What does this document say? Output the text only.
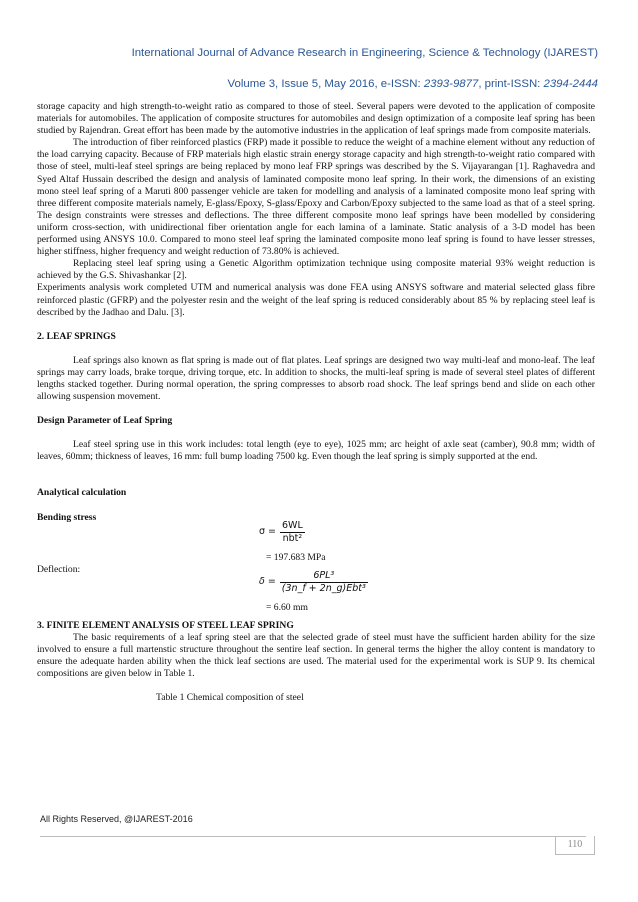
International Journal of Advance Research in Engineering, Science & Technology (IJAREST)
Volume 3, Issue 5, May 2016, e-ISSN: 2393-9877, print-ISSN: 2394-2444

storage capacity and high strength-to-weight ratio as compared to those of steel. Several papers were devoted to the application of composite materials for automobiles. The application of composite structures for automobiles and design optimization of a composite leaf spring has been studied by Rajendran. Great effort has been made by the automotive industries in the application of leaf springs made from composite materials.

The introduction of fiber reinforced plastics (FRP) made it possible to reduce the weight of a machine element without any reduction of the load carrying capacity. Because of FRP materials high elastic strain energy storage capacity and high strength-to-weight ratio compared with those of steel, multi-leaf steel springs are being replaced by mono leaf FRP springs was described by the S. Vijayarangan [1]. Raghavedra and Syed Altaf Hussain described the design and analysis of laminated composite mono leaf spring. In their work, the dimensions of an existing mono steel leaf spring of a Maruti 800 passenger vehicle are taken for modelling and analysis of a laminated composite mono leaf spring with three different composite materials namely, E-glass/Epoxy, S-glass/Epoxy and Carbon/Epoxy subjected to the same load as that of a steel spring. The design constraints were stresses and deflections. The three different composite mono leaf springs have been modelled by considering uniform cross-section, with unidirectional fiber orientation angle for each lamina of a laminate. Static analysis of a 3-D model has been performed using ANSYS 10.0. Compared to mono steel leaf spring the laminated composite mono leaf spring is found to have lesser stresses, higher stiffness, higher frequency and weight reduction of 73.80% is achieved.

Replacing steel leaf spring using a Genetic Algorithm optimization technique using composite material 93% weight reduction is achieved by the G.S. Shivashankar [2].

Experiments analysis work completed UTM and numerical analysis was done FEA using ANSYS software and material selected glass fibre reinforced plastic (GFRP) and the polyester resin and the weight of the leaf spring is reduced considerably about 85 % by replacing steel leaf is described by the Jadhao and Dalu. [3].

2. LEAF SPRINGS

Leaf springs also known as flat spring is made out of flat plates. Leaf springs are designed two way multi-leaf and mono-leaf. The leaf springs may carry loads, brake torque, driving torque, etc. In addition to shocks, the multi-leaf spring is made of several steel plates of different lengths stacked together. During normal operation, the spring compresses to absorb road shock. The leaf springs bend and slide on each other allowing suspension movement.

Design Parameter of Leaf Spring

Leaf steel spring use in this work includes: total length (eye to eye), 1025 mm; arc height of axle seat (camber), 90.8 mm; width of leaves, 60mm; thickness of leaves, 16 mm: full bump loading 7500 kg. Even though the leaf spring is simply supported at the end.

Analytical calculation

Bending stress

$\sigma = \frac{6WL}{\text{nbt²}}$
= 197.683 MPa
Deflection:
$\delta = \frac{\text{6PL³}}{\text{(3n\_f + 2n\_g)Ebt³}}$
= 6.60 mm

3. FINITE ELEMENT ANALYSIS OF STEEL LEAF SPRING

The basic requirements of a leaf spring steel are that the selected grade of steel must have the sufficient harden ability for the size involved to ensure a full martenstic structure throughout the sentire leaf section. In general terms the higher the alloy content is mandatory to ensure the adequate harden ability when the thick leaf sections are used. The material used for the experimental work is SUP 9. Its chemical compositions are given below in Table 1.

Table 1 Chemical composition of steel

All Rights Reserved, @IJAREST-2016
110
